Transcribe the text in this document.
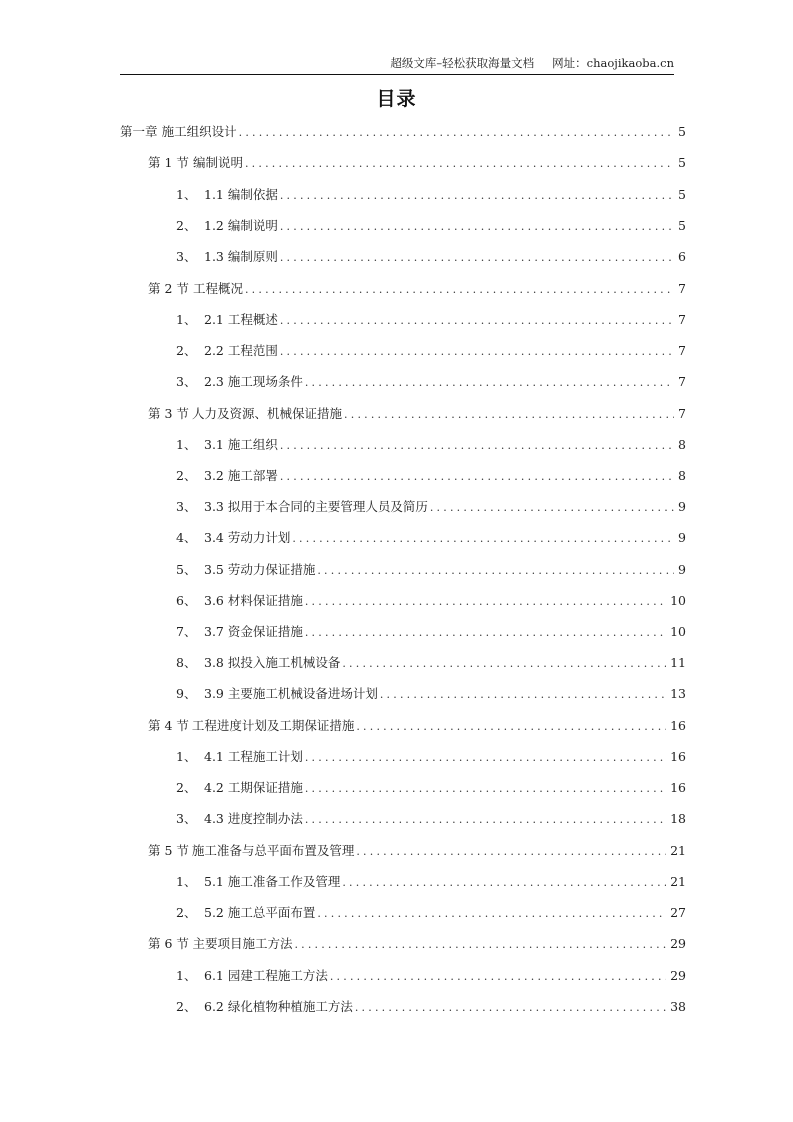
超级文库–轻松获取海量文档 网址：chaojikaoba.cn
目录
第一章 施工组织设计 .....	5
第 1 节 编制说明 .....	5
1、 1.1 编制依据 .....	5
2、 1.2 编制说明 .....	5
3、 1.3 编制原则 .....	6
第 2 节 工程概况 .....	7
1、 2.1 工程概述 .....	7
2、 2.2 工程范围 .....	7
3、 2.3 施工现场条件 .....	7
第 3 节 人力及资源、机械保证措施 .....	7
1、 3.1 施工组织 .....	8
2、 3.2 施工部署 .....	8
3、 3.3 拟用于本合同的主要管理人员及简历 .....	9
4、 3.4 劳动力计划 .....	9
5、 3.5 劳动力保证措施 .....	9
6、 3.6 材料保证措施 .....	10
7、 3.7 资金保证措施 .....	10
8、 3.8 拟投入施工机械设备 .....	11
9、 3.9 主要施工机械设备进场计划 .....	13
第 4 节 工程进度计划及工期保证措施 .....	16
1、 4.1 工程施工计划 .....	16
2、 4.2 工期保证措施 .....	16
3、 4.3 进度控制办法 .....	18
第 5 节 施工准备与总平面布置及管理 .....	21
1、 5.1 施工准备工作及管理 .....	21
2、 5.2 施工总平面布置 .....	27
第 6 节 主要项目施工方法 .....	29
1、 6.1 园建工程施工方法 .....	29
2、 6.2 绿化植物种植施工方法 .....	38
